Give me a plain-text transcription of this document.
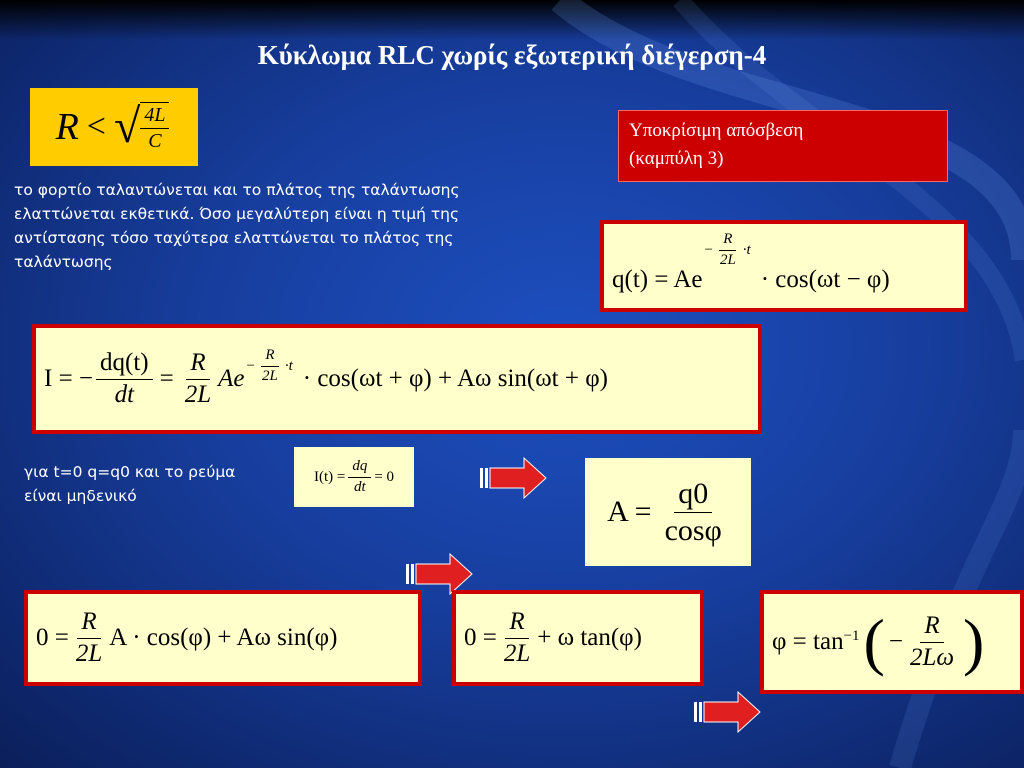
Κύκλωμα RLC χωρίς εξωτερική διέγερση-4
R < √ $\frac{4L}{C}$	Υποκρίσιμη απόσβεση
(καμπύλη 3)
το φορτίο ταλαντώνεται και το πλάτος της ταλάντωσης
ελαττώνεται εκθετικά. Όσο μεγαλύτερη είναι η τιμή της
αντίστασης τόσο ταχύτερα ελαττώνεται το πλάτος της
ταλάντωσης
q(t) = Ae
− $\frac{R}{2L} \cdot t$
· cos(ωt − φ)
I = − $\frac{dq(t)}{dt} = \frac{R}{2L}$ $Ae - \frac{R}{2L} \cdot t \cdot \cos(\omega t + \varphi) + A\omega$ sin(ωt + φ)
για t=0 q=q0 και το ρεύμα
είναι μηδενικό
$I(t) = \frac{dq}{dt} = 0$
$A = \frac{q0}{\cos\varphi}$
$0 = \frac{R}{2L}$ A · cos(φ) + Aω sin(φ)	$0 = \frac{R}{2L} + \omega$ tan(φ)	$\varphi = \tan^{-1}$ ( − $\frac{R}{2L\omega}$ )
